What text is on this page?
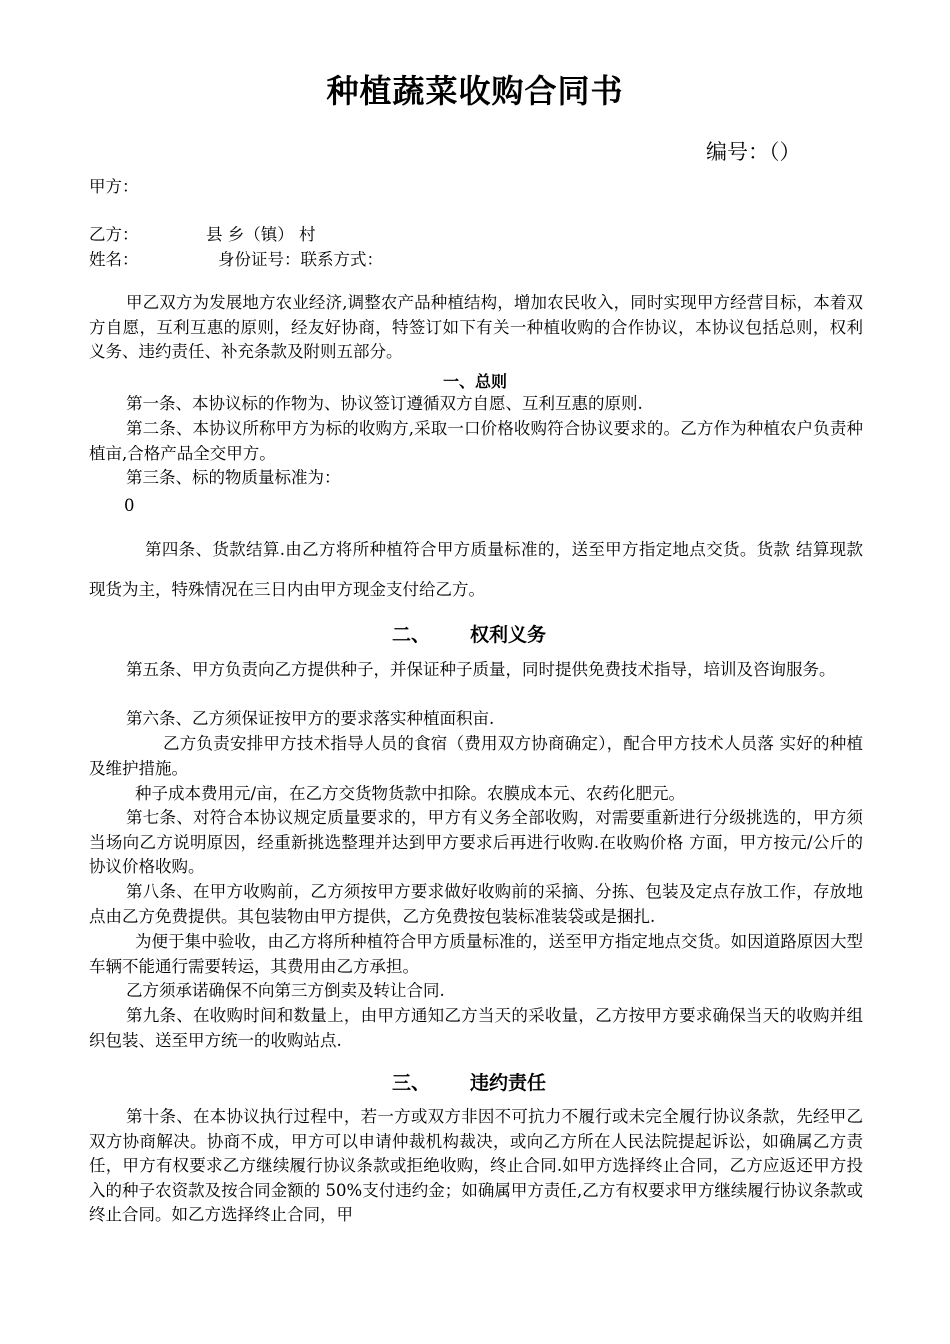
种植蔬菜收购合同书
编号：（）
甲方：
乙方：	县 乡（镇） 村
姓名：	身份证号：联系方式：
甲乙双方为发展地方农业经济,调整农产品种植结构，增加农民收入，同时实现甲方经营目标，本着双方自愿，互利互惠的原则，经友好协商，特签订如下有关一种植收购的合作协议，本协议包括总则，权利义务、违约责任、补充条款及附则五部分。
一、总则
第一条、本协议标的作物为、协议签订遵循双方自愿、互利互惠的原则.
第二条、本协议所称甲方为标的收购方,采取一口价格收购符合协议要求的。乙方作为种植农户负责种植亩,合格产品全交甲方。
第三条、标的物质量标准为：
0
第四条、货款结算.由乙方将所种植符合甲方质量标准的，送至甲方指定地点交货。货款 结算现款现货为主，特殊情况在三日内由甲方现金支付给乙方。
二、 权利义务
第五条、甲方负责向乙方提供种子，并保证种子质量，同时提供免费技术指导，培训及咨询服务。
第六条、乙方须保证按甲方的要求落实种植面积亩.
乙方负责安排甲方技术指导人员的食宿（费用双方协商确定），配合甲方技术人员落 实好的种植及维护措施。
种子成本费用元/亩，在乙方交货物货款中扣除。农膜成本元、农药化肥元。
第七条、对符合本协议规定质量要求的，甲方有义务全部收购，对需要重新进行分级挑选的，甲方须当场向乙方说明原因，经重新挑选整理并达到甲方要求后再进行收购.在收购价格 方面，甲方按元/公斤的协议价格收购。
第八条、在甲方收购前，乙方须按甲方要求做好收购前的采摘、分拣、包装及定点存放工作，存放地点由乙方免费提供。其包装物由甲方提供，乙方免费按包装标准装袋或是捆扎.
为便于集中验收，由乙方将所种植符合甲方质量标准的，送至甲方指定地点交货。如因道路原因大型车辆不能通行需要转运，其费用由乙方承担。
乙方须承诺确保不向第三方倒卖及转让合同.
第九条、在收购时间和数量上，由甲方通知乙方当天的采收量，乙方按甲方要求确保当天的收购并组织包装、送至甲方统一的收购站点.
三、 违约责任
第十条、在本协议执行过程中，若一方或双方非因不可抗力不履行或未完全履行协议条款，先经甲乙双方协商解决。协商不成，甲方可以申请仲裁机构裁决，或向乙方所在人民法院提起诉讼，如确属乙方责任，甲方有权要求乙方继续履行协议条款或拒绝收购，终止合同.如甲方选择终止合同，乙方应返还甲方投入的种子农资款及按合同金额的 50%支付违约金；如确属甲方责任,乙方有权要求甲方继续履行协议条款或终止合同。如乙方选择终止合同，甲
